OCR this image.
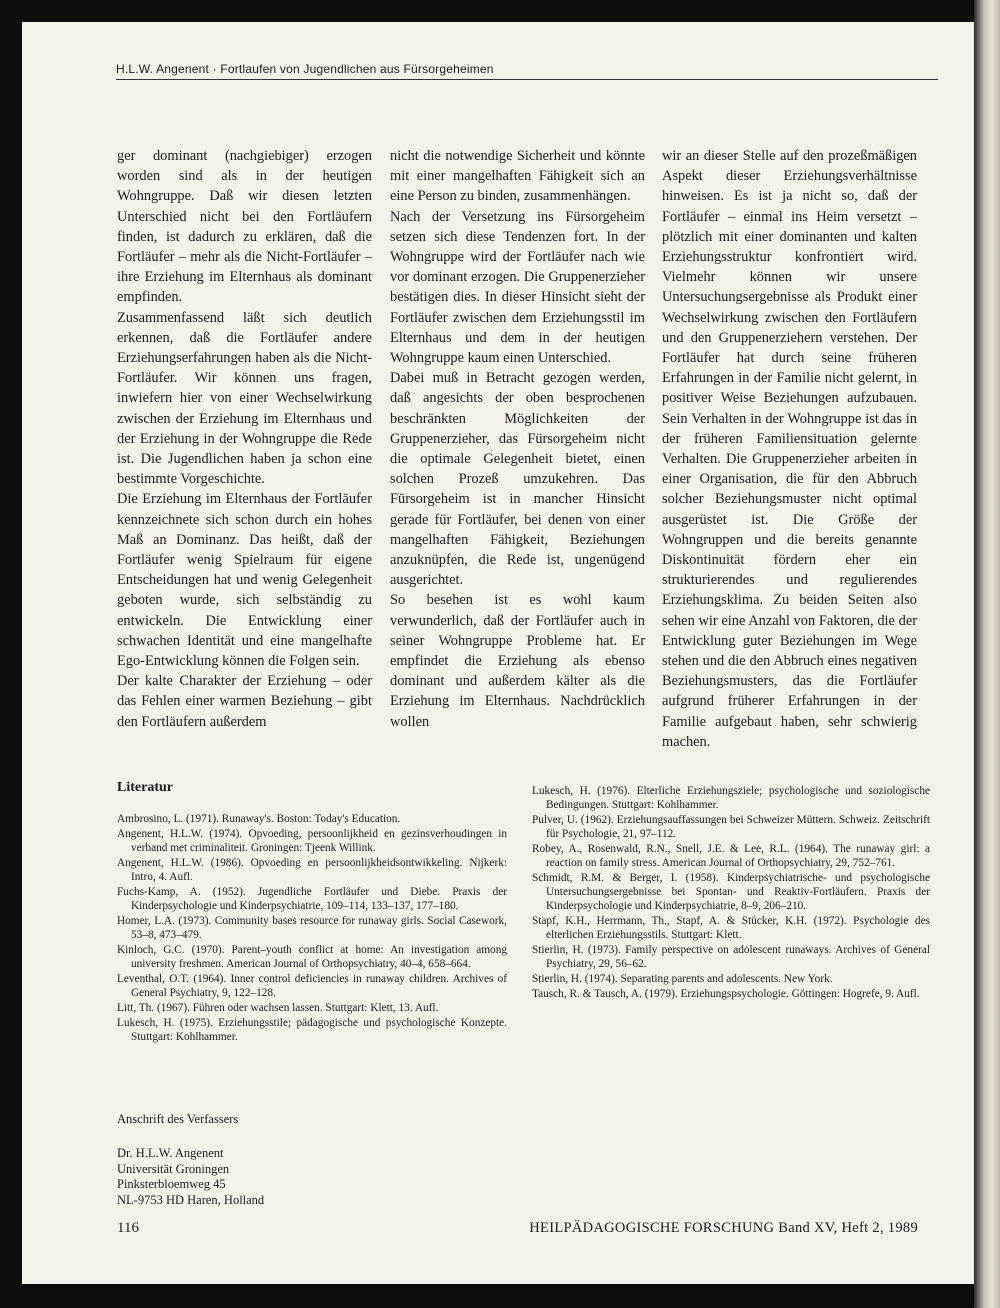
H.L.W. Angenent · Fortlaufen von Jugendlichen aus Fürsorgeheimen

ger dominant (nachgiebiger) erzogen worden sind als in der heutigen Wohngruppe. Daß wir diesen letzten Unterschied nicht bei den Fortläufern finden, ist dadurch zu erklären, daß die Fortläufer – mehr als die Nicht-Fortläufer – ihre Erziehung im Elternhaus als dominant empfinden.

Zusammenfassend läßt sich deutlich erkennen, daß die Fortläufer andere Erziehungserfahrungen haben als die Nicht-Fortläufer. Wir können uns fragen, inwiefern hier von einer Wechselwirkung zwischen der Erziehung im Elternhaus und der Erziehung in der Wohngruppe die Rede ist. Die Jugendlichen haben ja schon eine bestimmte Vorgeschichte.

Die Erziehung im Elternhaus der Fortläufer kennzeichnete sich schon durch ein hohes Maß an Dominanz. Das heißt, daß der Fortläufer wenig Spielraum für eigene Entscheidungen hat und wenig Gelegenheit geboten wurde, sich selbständig zu entwickeln. Die Entwicklung einer schwachen Identität und eine mangelhafte Ego-Entwicklung können die Folgen sein.

Der kalte Charakter der Erziehung – oder das Fehlen einer warmen Beziehung – gibt den Fortläufern außerdem

nicht die notwendige Sicherheit und könnte mit einer mangelhaften Fähigkeit sich an eine Person zu binden, zusammenhängen.

Nach der Versetzung ins Fürsorgeheim setzen sich diese Tendenzen fort. In der Wohngruppe wird der Fortläufer nach wie vor dominant erzogen. Die Gruppenerzieher bestätigen dies. In dieser Hinsicht sieht der Fortläufer zwischen dem Erziehungsstil im Elternhaus und dem in der heutigen Wohngruppe kaum einen Unterschied.

Dabei muß in Betracht gezogen werden, daß angesichts der oben besprochenen beschränkten Möglichkeiten der Gruppenerzieher, das Fürsorgeheim nicht die optimale Gelegenheit bietet, einen solchen Prozeß umzukehren. Das Fürsorgeheim ist in mancher Hinsicht gerade für Fortläufer, bei denen von einer mangelhaften Fähigkeit, Beziehungen anzuknüpfen, die Rede ist, ungenügend ausgerichtet.

So besehen ist es wohl kaum verwunderlich, daß der Fortläufer auch in seiner Wohngruppe Probleme hat. Er empfindet die Erziehung als ebenso dominant und außerdem kälter als die Erziehung im Elternhaus. Nachdrücklich wollen

wir an dieser Stelle auf den prozeßmäßigen Aspekt dieser Erziehungsverhältnisse hinweisen. Es ist ja nicht so, daß der Fortläufer – einmal ins Heim versetzt – plötzlich mit einer dominanten und kalten Erziehungsstruktur konfrontiert wird. Vielmehr können wir unsere Untersuchungsergebnisse als Produkt einer Wechselwirkung zwischen den Fortläufern und den Gruppenerziehern verstehen. Der Fortläufer hat durch seine früheren Erfahrungen in der Familie nicht gelernt, in positiver Weise Beziehungen aufzubauen. Sein Verhalten in der Wohngruppe ist das in der früheren Familiensituation gelernte Verhalten. Die Gruppenerzieher arbeiten in einer Organisation, die für den Abbruch solcher Beziehungsmuster nicht optimal ausgerüstet ist. Die Größe der Wohngruppen und die bereits genannte Diskontinuität fördern eher ein strukturierendes und regulierendes Erziehungsklima. Zu beiden Seiten also sehen wir eine Anzahl von Faktoren, die der Entwicklung guter Beziehungen im Wege stehen und die den Abbruch eines negativen Beziehungsmusters, das die Fortläufer aufgrund früherer Erfahrungen in der Familie aufgebaut haben, sehr schwierig machen.

Literatur

Ambrosino, L. (1971). Runaway's. Boston: Today's Education.

Angenent, H.L.W. (1974). Opvoeding, persoonlijkheid en gezinsverhoudingen in verband met criminaliteit. Groningen: Tjeenk Willink.

Angenent, H.L.W. (1986). Opvoeding en persoonlijkheidsontwikkeling. Nijkerk: Intro, 4. Aufl.

Fuchs-Kamp, A. (1952). Jugendliche Fortläufer und Diebe. Praxis der Kinderpsychologie und Kinderpsychiatrie, 109–114, 133–137, 177–180.

Homer, L.A. (1973). Community bases resource for runaway girls. Social Casework, 53–8, 473–479.

Kinloch, G.C. (1970). Parent–youth conflict at home: An investigation among university freshmen. American Journal of Orthopsychiatry, 40–4, 658–664.

Leventhal, O.T. (1964). Inner control deficiencies in runaway children. Archives of General Psychiatry, 9, 122–128.

Litt, Th. (1967). Führen oder wachsen lassen. Stuttgart: Klett, 13. Aufl.

Lukesch, H. (1975). Erziehungsstile; pädagogische und psychologische Konzepte. Stuttgart: Kohlhammer.

Lukesch, H. (1976). Elterliche Erziehungsziele; psychologische und soziologische Bedingungen. Stuttgart: Kohlhammer.

Pulver, U. (1962). Erziehungsauffassungen bei Schweizer Müttern. Schweiz. Zeitschrift für Psychologie, 21, 97–112.

Robey, A., Rosenwald, R.N., Snell, J.E. & Lee, R.L. (1964). The runaway girl: a reaction on family stress. American Journal of Orthopsychiatry, 29, 752–761.

Schmidt, R.M. & Berger, I. (1958). Kinderpsychiatrische- und psychologische Untersuchungsergebnisse bei Spontan- und Reaktiv-Fortläufern. Praxis der Kinderpsychologie und Kinderpsychiatrie, 8–9, 206–210.

Stapf, K.H., Herrmann, Th., Stapf, A. & Stücker, K.H. (1972). Psychologie des elterlichen Erziehungsstils. Stuttgart: Klett.

Stierlin, H. (1973). Family perspective on adolescent runaways. Archives of General Psychiatry, 29, 56–62.

Stierlin, H. (1974). Separating parents and adolescents. New York.

Tausch, R. & Tausch, A. (1979). Erziehungspsychologie. Göttingen: Hogrefe, 9. Aufl.

Anschrift des Verfassers
Dr. H.L.W. Angenent
Universität Groningen
Pinksterbloemweg 45
NL-9753 HD Haren, Holland
116	HEILPÄDAGOGISCHE FORSCHUNG Band XV, Heft 2, 1989
